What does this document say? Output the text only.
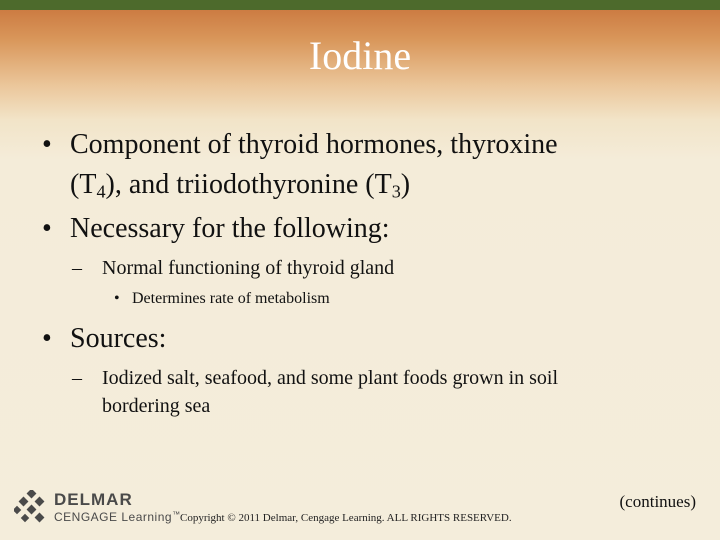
Iodine
• Component of thyroid hormones, thyroxine
$(T_4)$, and triiodothyronine $(T_3)$
• Necessary for the following:
– Normal functioning of thyroid gland
• Determines rate of metabolism
• Sources:
– Iodized salt, seafood, and some plant foods grown in soil
bordering sea
DELMAR
CENGAGE Learning™ Copyright © 2011 Delmar, Cengage Learning. ALL RIGHTS RESERVED.
(continues)
